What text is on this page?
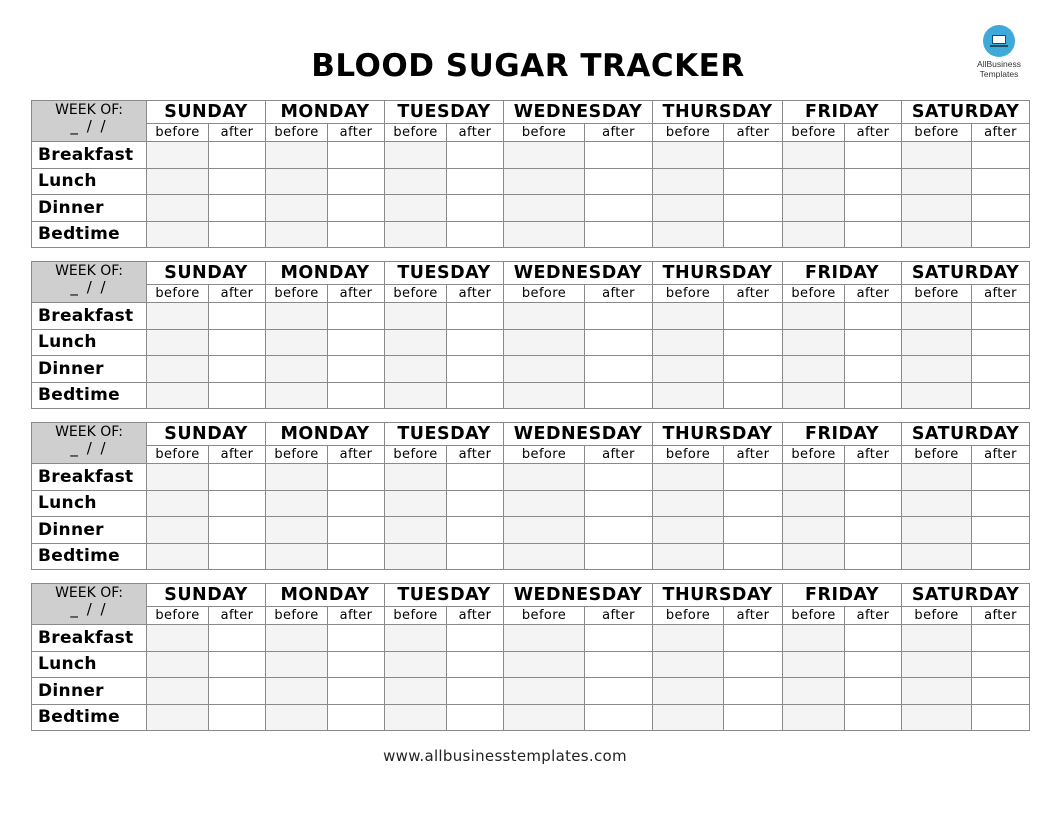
BLOOD SUGAR TRACKER	AllBusiness
Templates
WEEK OF:
_ / /	SUNDAY		MONDAY		TUESDAY		WEDNESDAY		THURSDAY		FRIDAY		SATURDAY	
	before	after	before	after	before	after	before	after	before	after	before	after	before	after
Breakfast														
Lunch														
Dinner														
Bedtime														
WEEK OF:
_ / /	SUNDAY		MONDAY		TUESDAY		WEDNESDAY		THURSDAY		FRIDAY		SATURDAY	
	before	after	before	after	before	after	before	after	before	after	before	after	before	after
Breakfast														
Lunch														
Dinner														
Bedtime														
WEEK OF:
_ / /	SUNDAY		MONDAY		TUESDAY		WEDNESDAY		THURSDAY		FRIDAY		SATURDAY	
	before	after	before	after	before	after	before	after	before	after	before	after	before	after
Breakfast														
Lunch														
Dinner														
Bedtime														
WEEK OF:
_ / /	SUNDAY		MONDAY		TUESDAY		WEDNESDAY		THURSDAY		FRIDAY		SATURDAY	
	before	after	before	after	before	after	before	after	before	after	before	after	before	after
Breakfast														
Lunch														
Dinner														
Bedtime														
www.allbusinesstemplates.com
